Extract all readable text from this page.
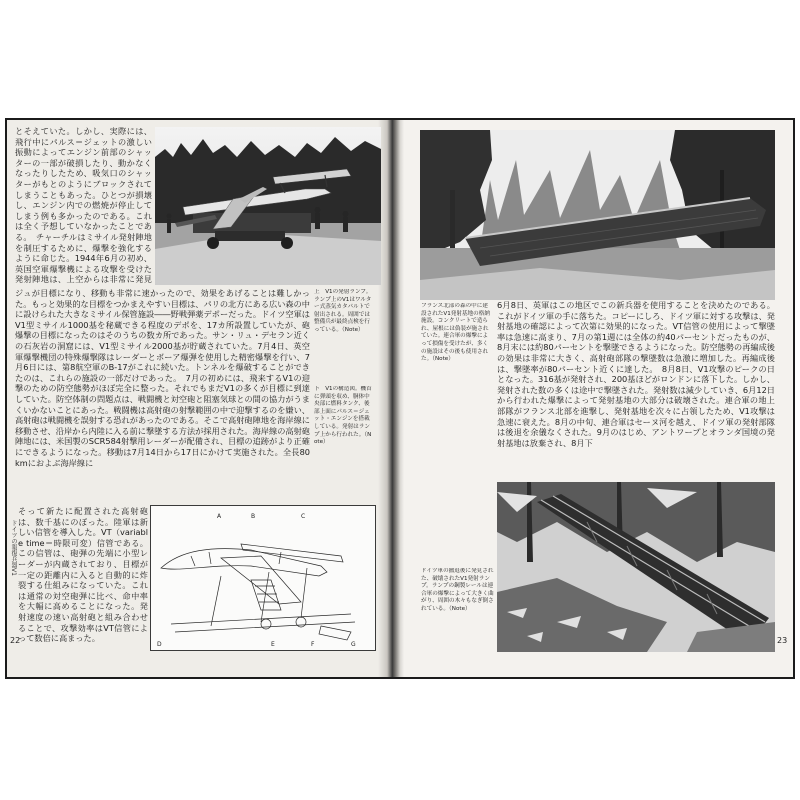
とそえていた。しかし、実際には、飛行中にパルス＝ジェットの激しい振動によってエンジン前部のシャッターの一部が破損したり、動かなくなったりしたため、吸気口のシャッターがもとのようにブロックされてしまうこともあった。ひとつが損壊し、エンジン内での燃焼が停止してしまう例も多かったのである。これは全く予想していなかったことである。　チャーチルはミサイル発射陣地を制圧するために、爆撃を強化するように命じた。1944年6月の初め、英国空軍爆撃機による攻撃を受けた発射陣地は、上空からは非常に発見
ジュが目標になり、移動も非常に速かったので、効果をあげることは難しかった。もっと効果的な目標をつかまえやすい目標は、パリの北方にある広い森の中に設けられた大きなミサイル保管施設――野戦弾薬デポーだった。ドイツ空軍はV1型ミサイル1000基を秘蔵できる程度のデポを、17カ所設置していたが、砲爆撃の目標になったのはそのうちの数カ所であった。サン・リュ・デセラン近くの石灰岩の洞窟には、V1型ミサイル2000基が貯蔵されていた。7月4日、英空軍爆撃機団の特殊爆撃隊はレーダーとボーア爆弾を使用した精密爆撃を行い、7月6日には、第8航空軍のB-17がこれに続いた。トンネルを爆破することができたのは、これらの施設の一部だけであった。　7月の初めには、飛来するV1の迎撃のための防空態勢がほぼ完全に整った。それでもまだV1の多くが目標に到達していた。防空体制の問題点は、戦闘機と対空砲と阻塞気球との間の協力がうまくいかないことにあった。戦闘機は高射砲の射撃範囲の中で迎撃するのを嫌い、高射砲は戦闘機を誤射する恐れがあったのである。そこで高射砲陣地を海岸線に移動させ、沿岸から内陸に入る前に撃墜する方法が採用された。海岸線の高射砲陣地には、米国製のSCR584射撃用レーダーが配備され、目標の追跡がより正確にできるようになった。移動は7月14日から17日にかけて実施された。全長80kmにおよぶ海岸線に
上　V1の発射ランプ。ランプ上のV1はワルター式蒸気カタパルトで射出される。周囲では整備兵が最終点検を行っている。（Note）
下　V1の構造図。機首に弾頭を収め、胴体中央部に燃料タンク、後部上面にパルス＝ジェット・エンジンを搭載している。発射はランプ上から行われた。（Note）
そって新たに配置された高射砲は、数千基にのぼった。陸軍は新しい信管を導入した。VT（variable time＝時限可変）信管である。この信管は、砲弾の先端に小型レーダーが内蔵されており、目標が一定の距離内に入ると自動的に炸裂する仕組みになっていた。これは通常の対空砲弾に比べ、命中率を大幅に高めることになった。発射速度の速い高射砲と組み合わせることで、攻撃効率はVT信管によって数倍に高まった。
A	B	C
D	E	F	G
ドイツの報復兵器V1
22
フランス北部の森の中に建設されたV1発射基地の格納施設。コンクリートで造られ、屋根には偽装が施されていた。連合軍の爆撃によって損傷を受けたが、多くの施設はその後も使用された。（Note）
6月8日、英軍はこの地区でこの新兵器を使用することを決めたのである。これがドイツ軍の手に落ちた。コピーにしろ、ドイツ軍に対する攻撃は、発射基地の確認によって次第に効果的になった。VT信管の使用によって撃墜率は急速に高まり、7月の第1週には全体の約40パーセントだったものが、8月末には約80パーセントを撃墜できるようになった。防空態勢の再編成後の効果は非常に大きく、高射砲部隊の撃墜数は急激に増加した。再編成後は、撃墜率が80パーセント近くに達した。　8月8日、V1攻撃のピークの日となった。316基が発射され、200基ほどがロンドンに落下した。しかし、発射された数の多くは途中で撃墜された。発射数は減少していき、6月12日から行われた爆撃によって発射基地の大部分は破壊された。連合軍の地上部隊がフランス北部を進撃し、発射基地を次々に占領したため、V1攻撃は急速に衰えた。8月の中旬、連合軍はセーヌ河を越え、ドイツ軍の発射部隊は後退を余儀なくされた。9月のはじめ、アントワープとオランダ国境の発射基地は放棄され、8月下
ドイツ軍の撤退後に発見された、破壊されたV1発射ランプ。ランプの鋼製レールは連合軍の爆撃によって大きく曲がり、周囲の木々もなぎ倒されている。（Note）
23
